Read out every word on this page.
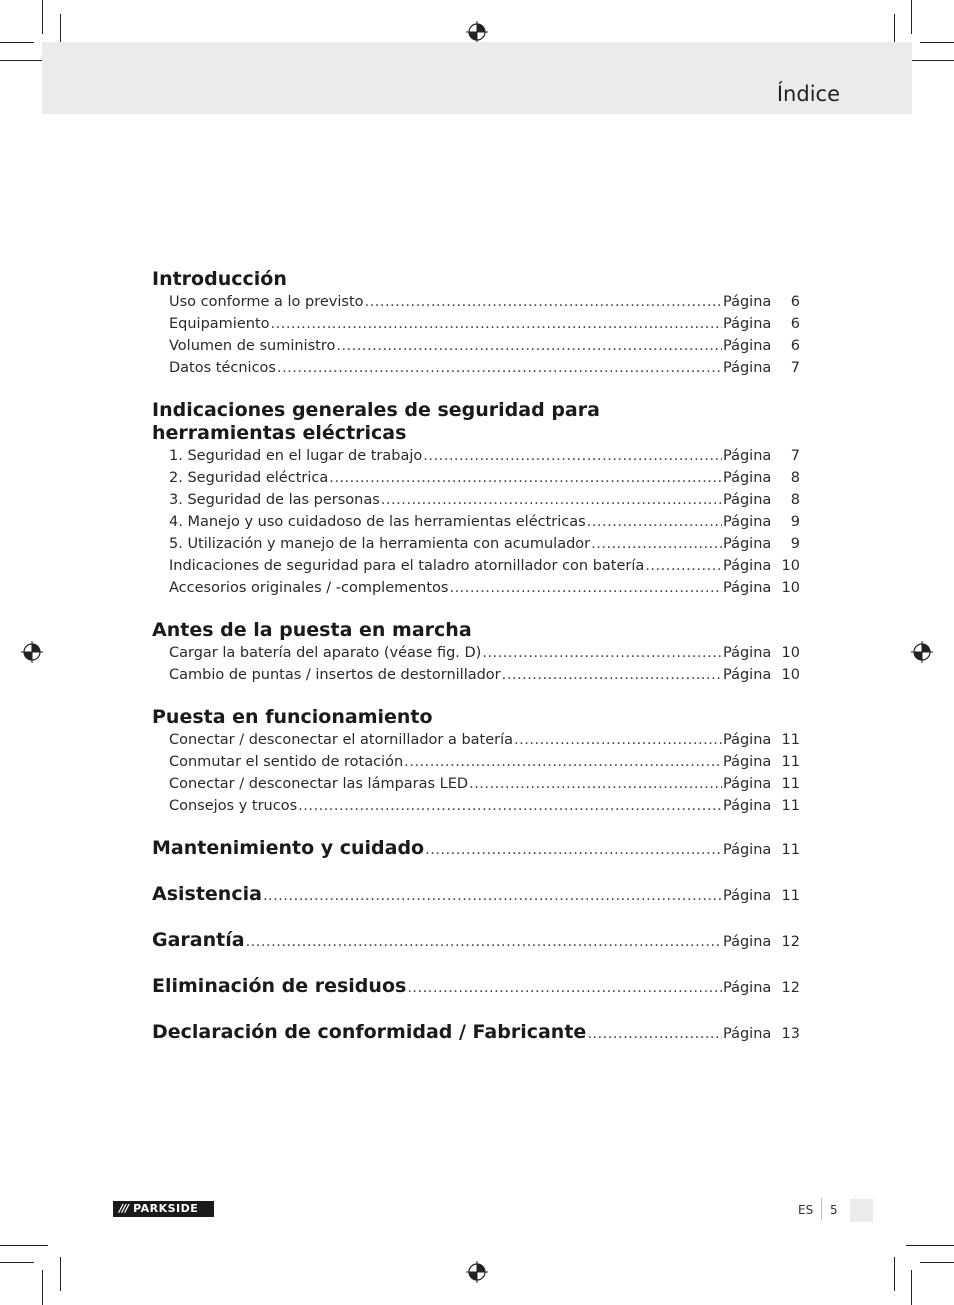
Índice
Introducción
Uso conforme a lo previsto .....	Página	6
Equipamiento .....	Página	6
Volumen de suministro .....	Página	6
Datos técnicos .....	Página	7
Indicaciones generales de seguridad para
herramientas eléctricas
1. Seguridad en el lugar de trabajo .....	Página	7
2. Seguridad eléctrica .....	Página	8
3. Seguridad de las personas .....	Página	8
4. Manejo y uso cuidadoso de las herramientas eléctricas .....	Página	9
5. Utilización y manejo de la herramienta con acumulador .....	Página	9
Indicaciones de seguridad para el taladro atornillador con batería .....	Página 10
Accesorios originales / -complementos .....	Página 10
Antes de la puesta en marcha
Cargar la batería del aparato (véase fig. D) .....	Página 10
Cambio de puntas / insertos de destornillador .....	Página 10
Puesta en funcionamiento
Conectar / desconectar el atornillador a batería .....	Página 11
Conmutar el sentido de rotación .....	Página 11
Conectar / desconectar las lámparas LED .....	Página 11
Consejos y trucos .....	Página 11
Mantenimiento y cuidado .....	Página 11
Asistencia .....	Página 11
Garantía .....	Página 12
Eliminación de residuos .....	Página 12
Declaración de conformidad / Fabricante .....	Página 13
/// PARKSIDE	ES 5
